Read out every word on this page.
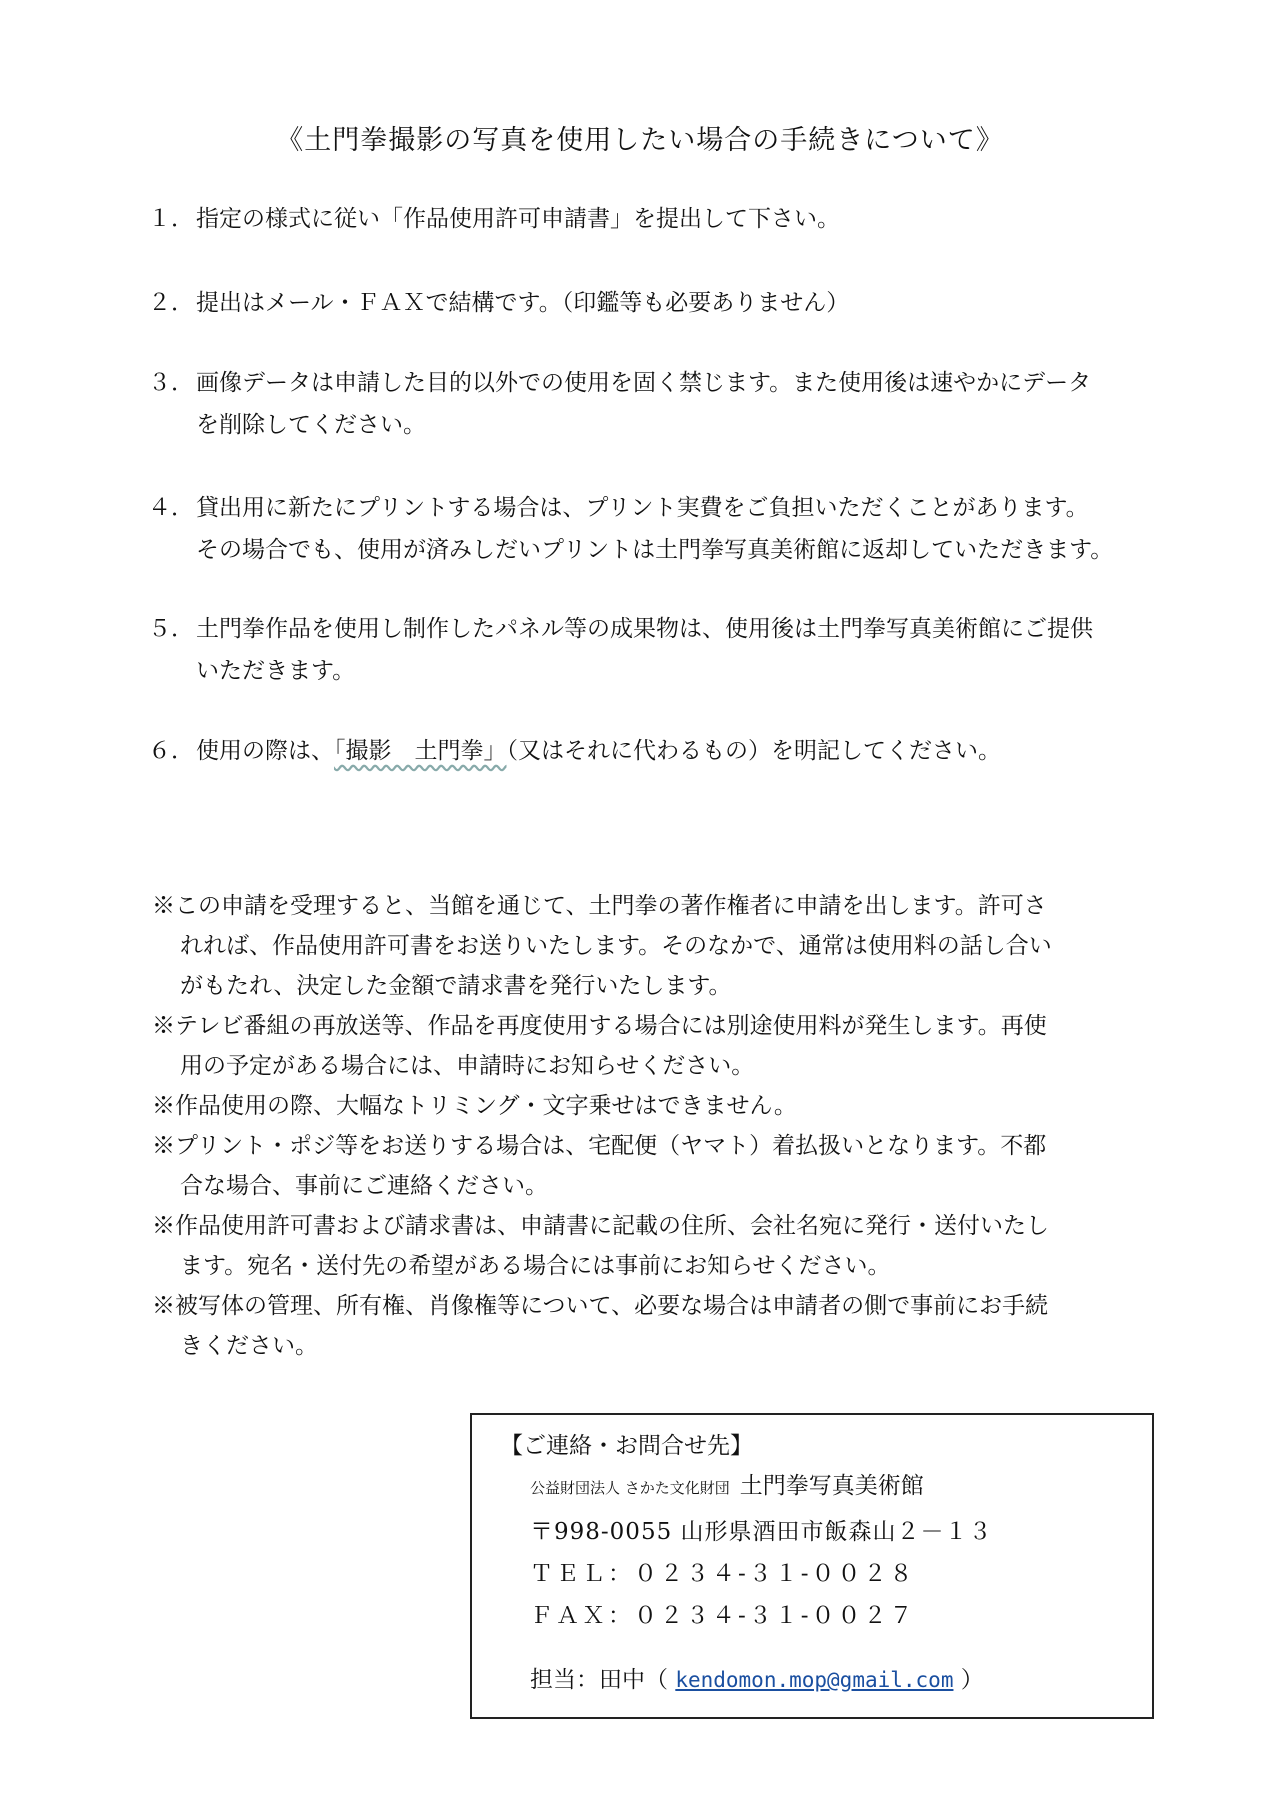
《土門拳撮影の写真を使用したい場合の手続きについて》
１．指定の様式に従い「作品使用許可申請書」を提出して下さい。
２．提出はメール・ＦＡＸで結構です。（印鑑等も必要ありません）
３．画像データは申請した目的以外での使用を固く禁じます。また使用後は速やかにデータ
を削除してください。
４．貸出用に新たにプリントする場合は、プリント実費をご負担いただくことがあります。
その場合でも、使用が済みしだいプリントは土門拳写真美術館に返却していただきます。
５．土門拳作品を使用し制作したパネル等の成果物は、使用後は土門拳写真美術館にご提供
いただきます。
６．使用の際は、「撮影　土門拳」（又はそれに代わるもの）を明記してください。
※この申請を受理すると、当館を通じて、土門拳の著作権者に申請を出します。許可さ
れれば、作品使用許可書をお送りいたします。そのなかで、通常は使用料の話し合い
がもたれ、決定した金額で請求書を発行いたします。
※テレビ番組の再放送等、作品を再度使用する場合には別途使用料が発生します。再使
用の予定がある場合には、申請時にお知らせください。
※作品使用の際、大幅なトリミング・文字乗せはできません。
※プリント・ポジ等をお送りする場合は、宅配便（ヤマト）着払扱いとなります。不都
合な場合、事前にご連絡ください。
※作品使用許可書および請求書は、申請書に記載の住所、会社名宛に発行・送付いたし
ます。宛名・送付先の希望がある場合には事前にお知らせください。
※被写体の管理、所有権、肖像権等について、必要な場合は申請者の側で事前にお手続
きください。
【ご連絡・お問合せ先】
公益財団法人 さかた文化財団 土門拳写真美術館
〒998-0055 山形県酒田市飯森山２－１３
ＴＥＬ：０２３４-３１-００２８
ＦＡＸ：０２３４-３１-００２７
担当：田中（ kendomon.mop@gmail.com ）
